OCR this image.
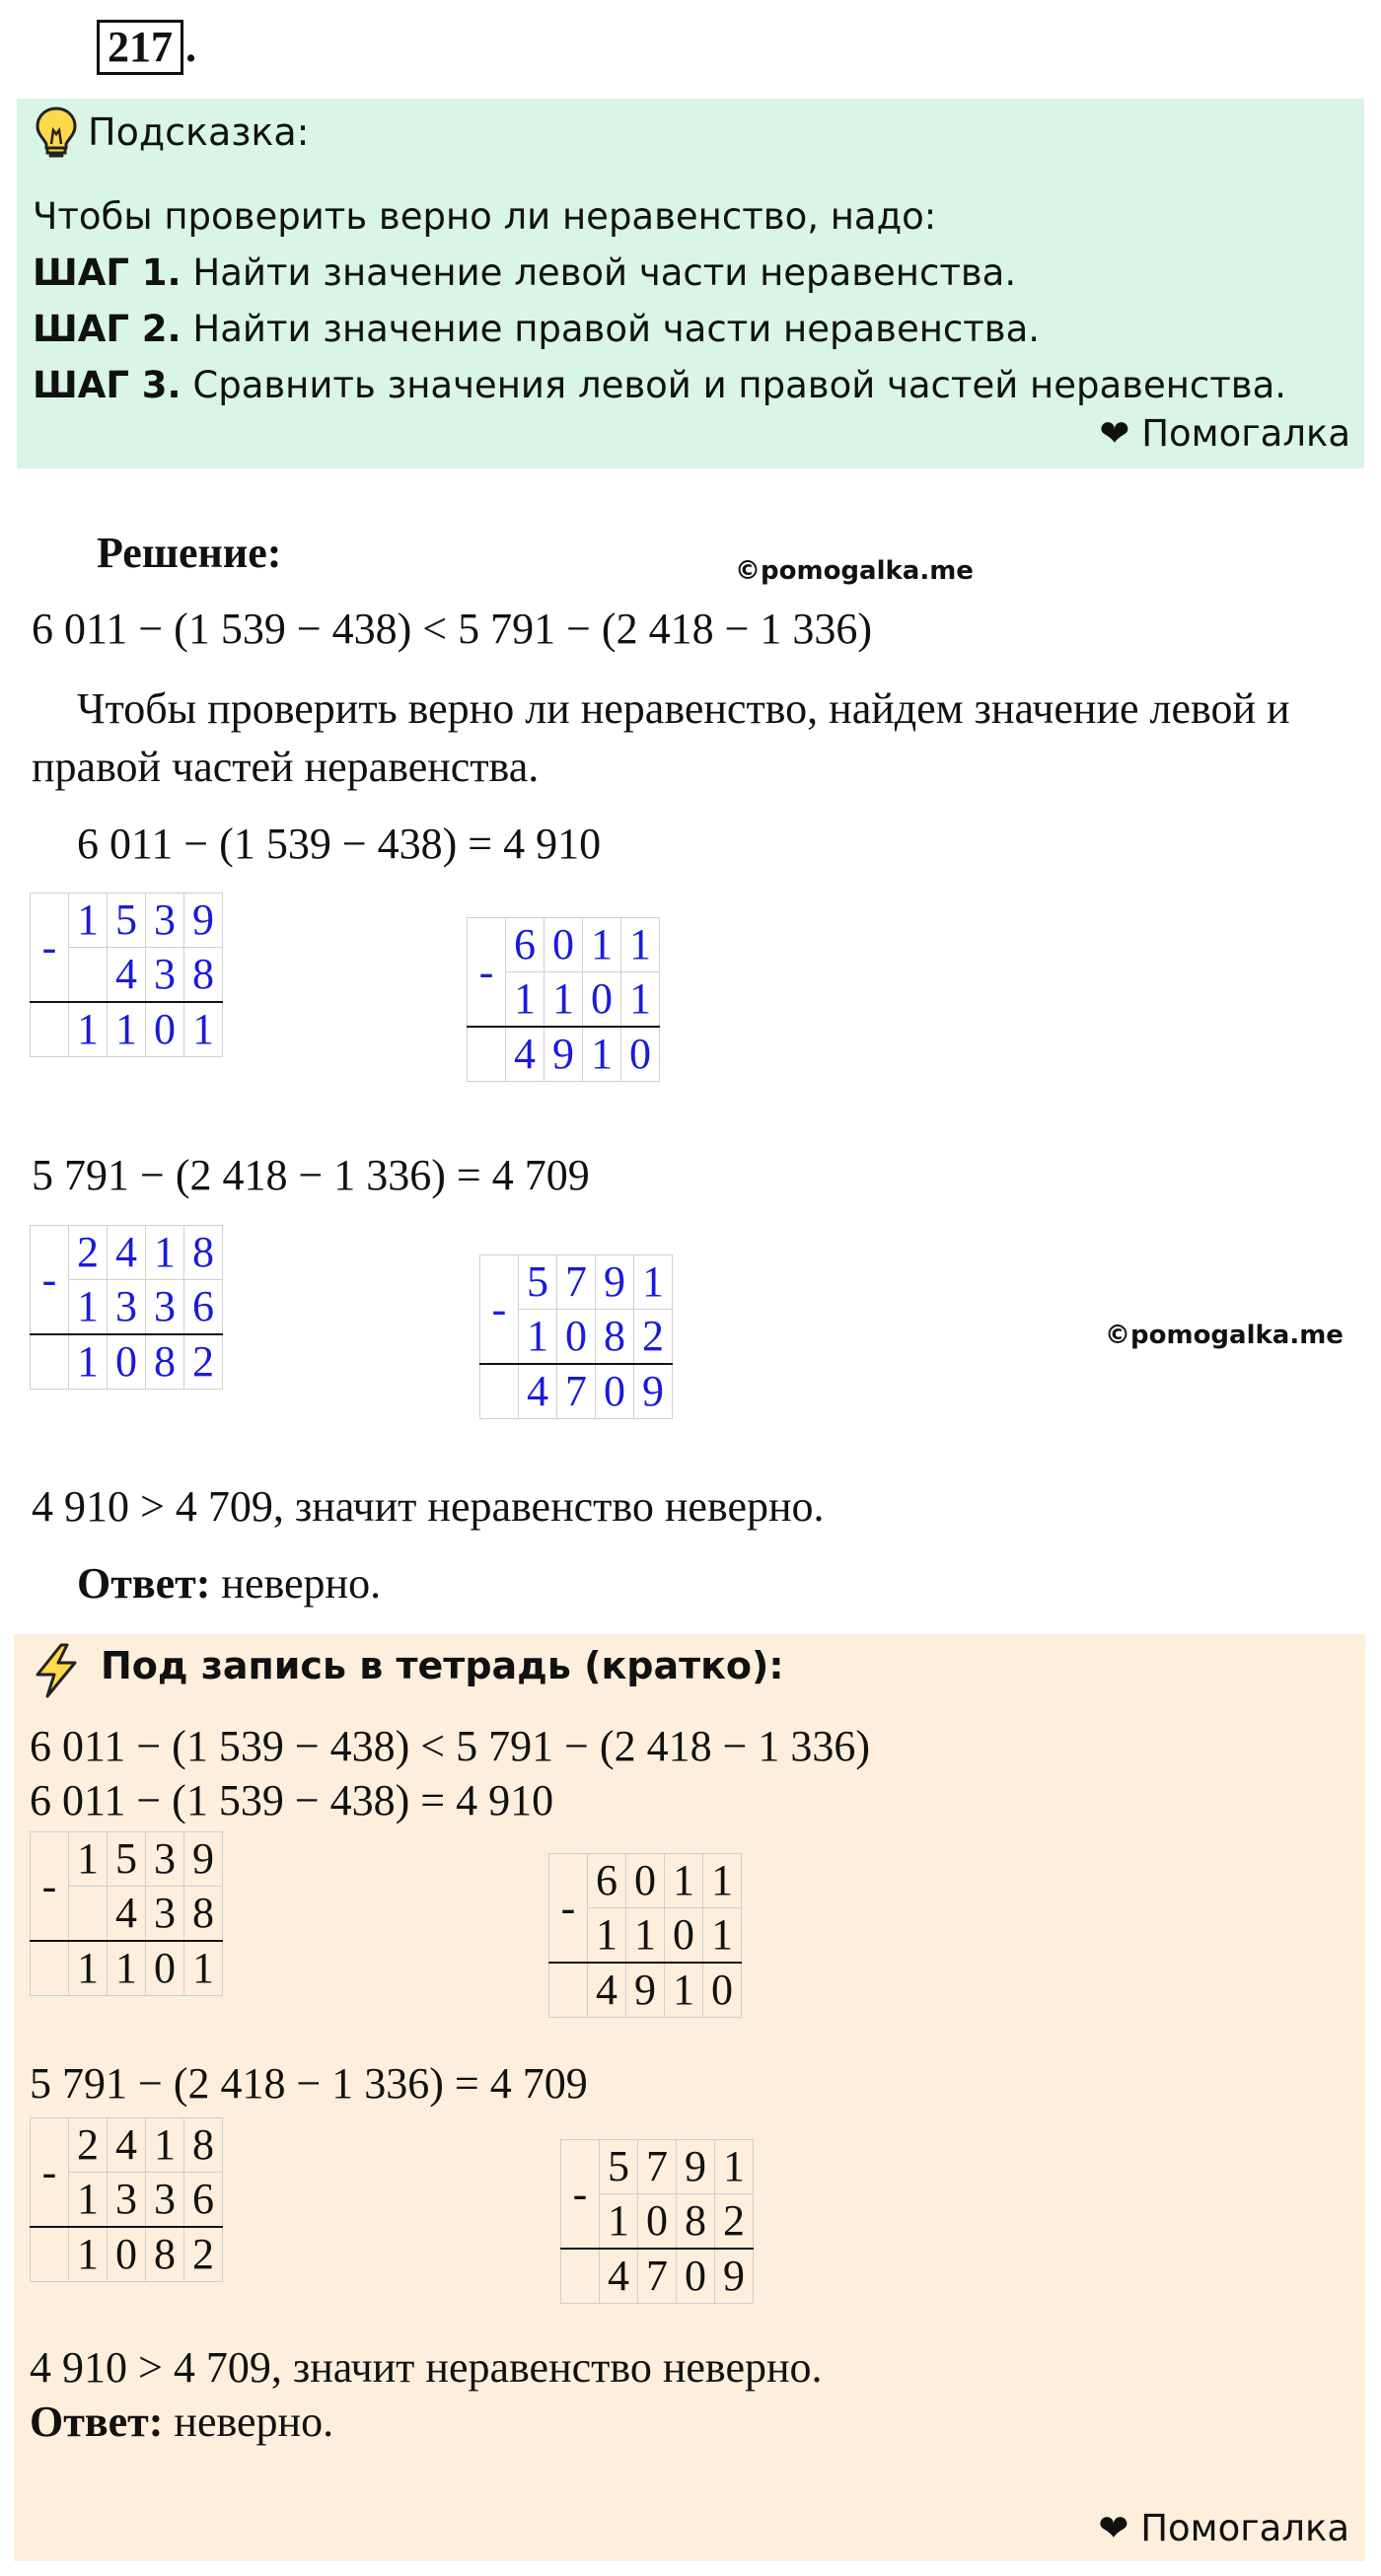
217 .
Подсказка:
Чтобы проверить верно ли неравенство, надо:
ШАГ 1. Найти значение левой части неравенства.
ШАГ 2. Найти значение правой части неравенства.
ШАГ 3. Сравнить значения левой и правой частей неравенства.
❤ Помогалка
Решение:	©pomogalka.me
6 011 − (1 539 − 438) < 5 791 − (2 418 − 1 336)
Чтобы проверить верно ли неравенство, найдем значение левой и
правой частей неравенства.
6 011 − (1 539 − 438) = 4 910
-	1	5	3	9
		4	3	8
	1	1	0	1
-	6	0	1	1
	1	1	0	1
	4	9	1	0
5 791 − (2 418 − 1 336) = 4 709
-	2	4	1	8
	1	3	3	6
	1	0	8	2
-	5	7	9	1
	1	0	8	2
	4	7	0	9
©pomogalka.me
4 910 > 4 709, значит неравенство неверно.
Ответ: неверно.
Под запись в тетрадь (кратко):
6 011 − (1 539 − 438) < 5 791 − (2 418 − 1 336)
6 011 − (1 539 − 438) = 4 910
-	1	5	3	9
		4	3	8
	1	1	0	1
-	6	0	1	1
	1	1	0	1
	4	9	1	0
5 791 − (2 418 − 1 336) = 4 709
-	2	4	1	8
	1	3	3	6
	1	0	8	2
-	5	7	9	1
	1	0	8	2
	4	7	0	9
4 910 > 4 709, значит неравенство неверно.
Ответ: неверно.
❤ Помогалка
